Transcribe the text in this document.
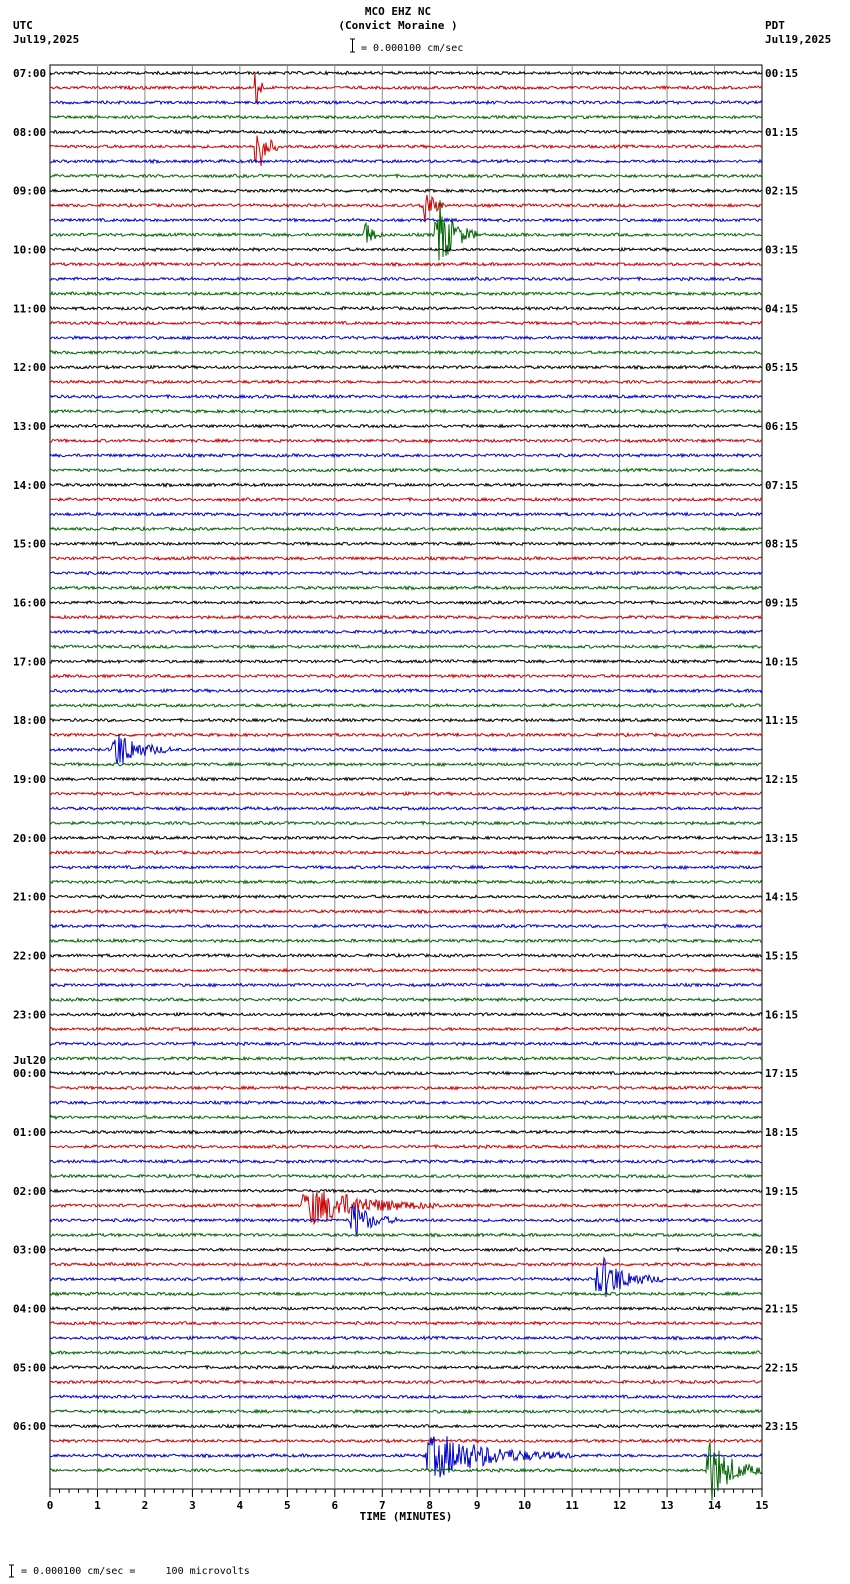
MCO EHZ NC
(Convict Moraine )
= 0.000100 cm/sec
UTC
Jul19,2025
PDT
Jul19,2025
07:00
08:00
09:00
10:00
11:00
12:00
13:00
14:00
15:00
16:00
17:00
18:00
19:00
20:00
21:00
22:00
23:00
00:00
01:00
02:00
03:00
04:00
05:00
06:00
00:15
01:15
02:15
03:15
04:15
05:15
06:15
07:15
08:15
09:15
10:15
11:15
12:15
13:15
14:15
15:15
16:15
17:15
18:15
19:15
20:15
21:15
22:15
23:15
Jul20
0	1	2	3	4	5	6	7	8	9	10	11	12	13	14	15
TIME (MINUTES)
= 0.000100 cm/sec =     100 microvolts
